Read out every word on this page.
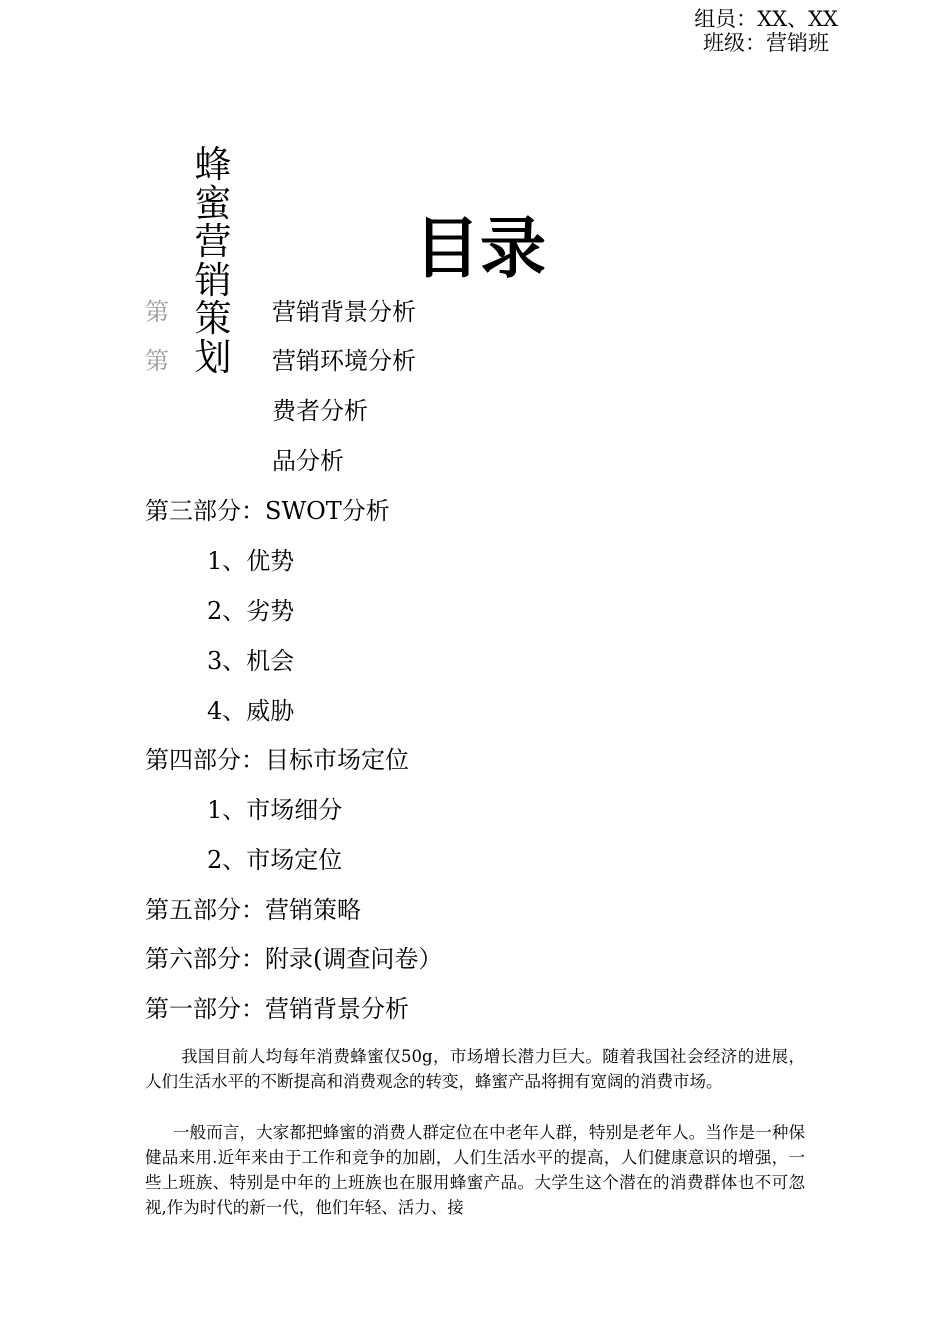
组员：XX、XX
班级：营销班
蜂
蜜
营
销
策
划
目录
第	营销背景分析
第	营销环境分析
费者分析
品分析
第三部分：SWOT分析
1、优势
2、劣势
3、机会
4、威胁
第四部分：目标市场定位
1、市场细分
2、市场定位
第五部分：营销策略
第六部分：附录(调查问卷）
第一部分：营销背景分析
我国目前人均每年消费蜂蜜仅50g，市场增长潜力巨大。随着我国社会经济的进展，人们生活水平的不断提高和消费观念的转变，蜂蜜产品将拥有宽阔的消费市场。
一般而言，大家都把蜂蜜的消费人群定位在中老年人群，特别是老年人。当作是一种保健品来用.近年来由于工作和竞争的加剧，人们生活水平的提高，人们健康意识的增强，一些上班族、特别是中年的上班族也在服用蜂蜜产品。大学生这个潜在的消费群体也不可忽视,作为时代的新一代，他们年轻、活力、接
